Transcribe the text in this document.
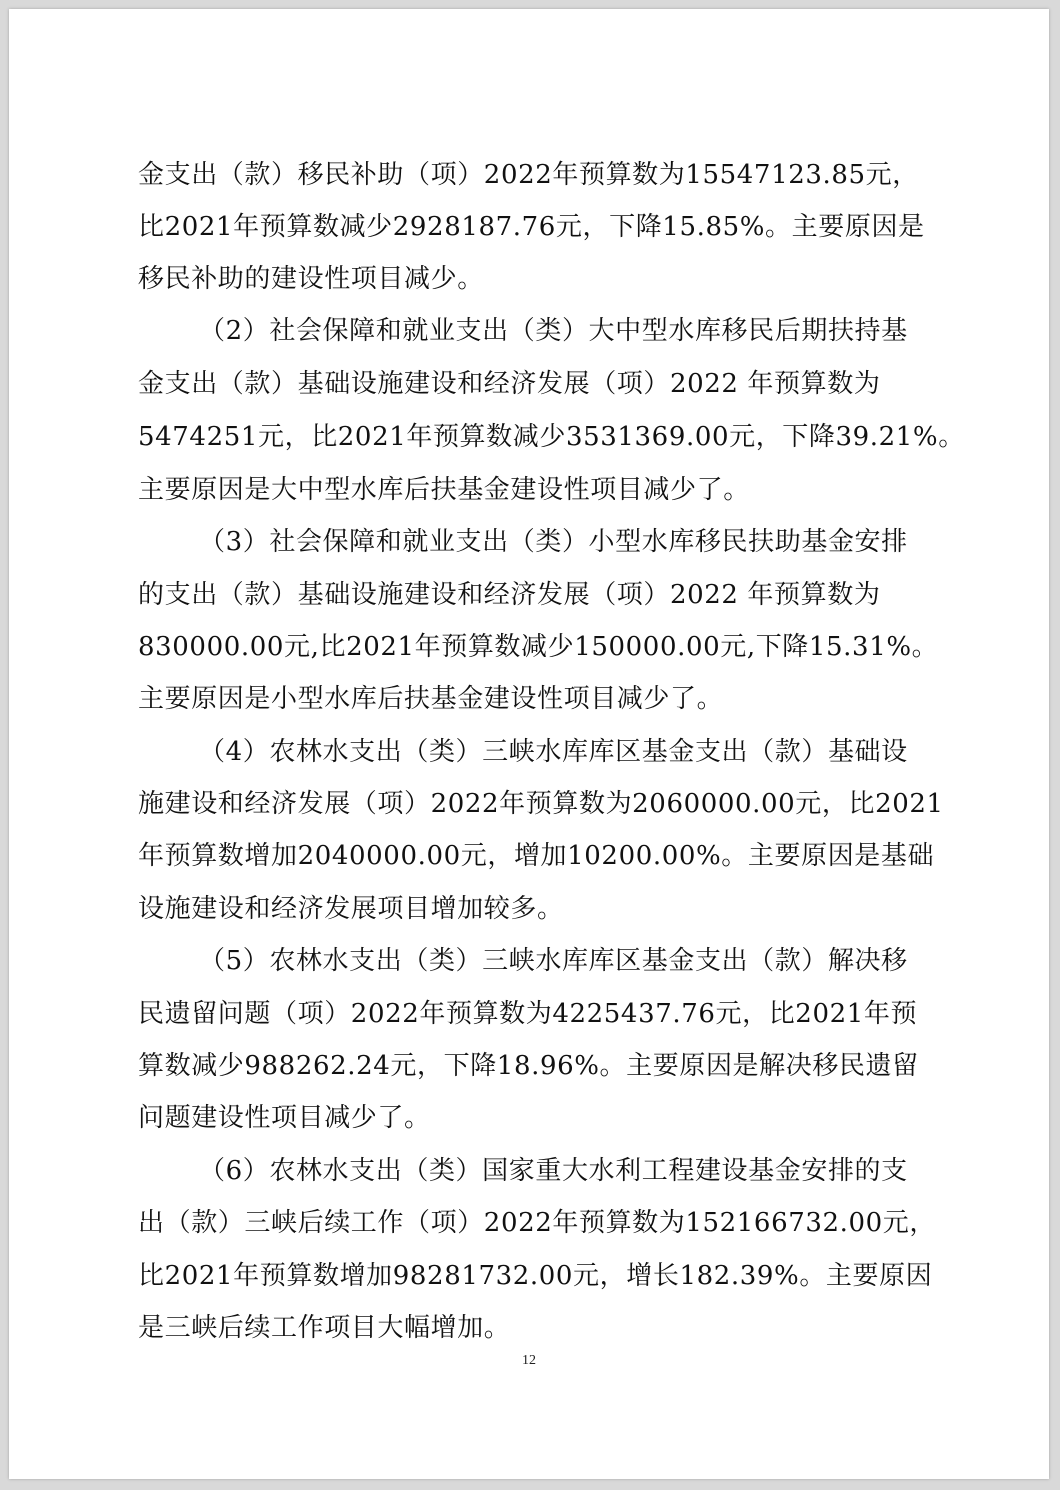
金支出（款）移民补助（项）2022年预算数为15547123.85元，
比2021年预算数减少2928187.76元，下降15.85%。主要原因是
移民补助的建设性项目减少。
（2）社会保障和就业支出（类）大中型水库移民后期扶持基
金支出（款）基础设施建设和经济发展（项）2022 年预算数为
5474251元，比2021年预算数减少3531369.00元，下降39.21%。
主要原因是大中型水库后扶基金建设性项目减少了。
（3）社会保障和就业支出（类）小型水库移民扶助基金安排
的支出（款）基础设施建设和经济发展（项）2022 年预算数为
830000.00元,比2021年预算数减少150000.00元,下降15.31%。
主要原因是小型水库后扶基金建设性项目减少了。
（4）农林水支出（类）三峡水库库区基金支出（款）基础设
施建设和经济发展（项）2022年预算数为2060000.00元，比2021
年预算数增加2040000.00元，增加10200.00%。主要原因是基础
设施建设和经济发展项目增加较多。
（5）农林水支出（类）三峡水库库区基金支出（款）解决移
民遗留问题（项）2022年预算数为4225437.76元，比2021年预
算数减少988262.24元，下降18.96%。主要原因是解决移民遗留
问题建设性项目减少了。
（6）农林水支出（类）国家重大水利工程建设基金安排的支
出（款）三峡后续工作（项）2022年预算数为152166732.00元，
比2021年预算数增加98281732.00元，增长182.39%。主要原因
是三峡后续工作项目大幅增加。
12
